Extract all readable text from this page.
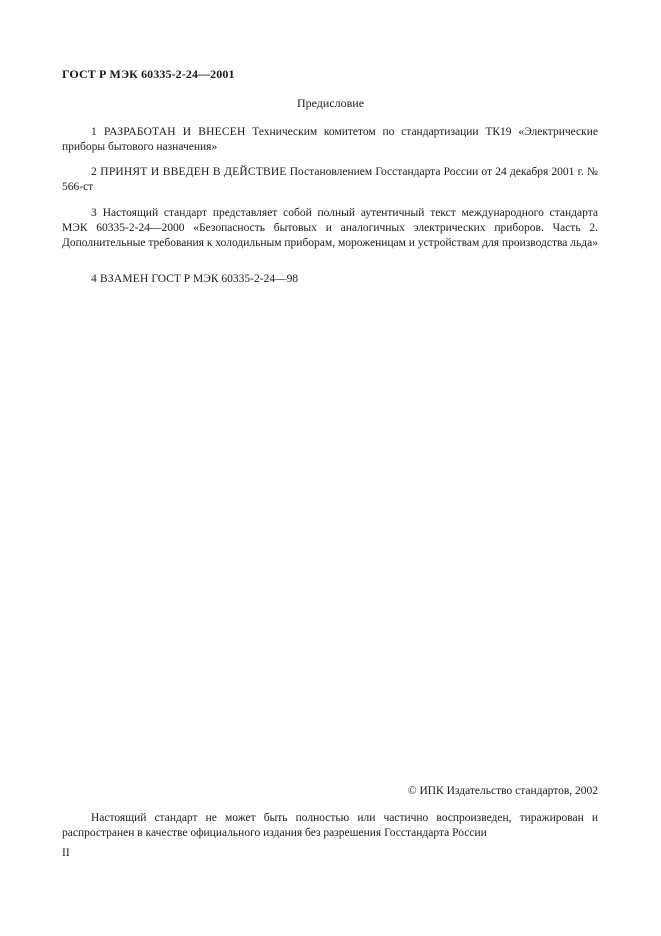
ГОСТ Р МЭК 60335-2-24—2001
Предисловие
1 РАЗРАБОТАН И ВНЕСЕН Техническим комитетом по стандартизации ТК19 «Электрические приборы бытового назначения»
2 ПРИНЯТ И ВВЕДЕН В ДЕЙСТВИЕ Постановлением Госстандарта России от 24 декабря 2001 г. № 566-ст
3 Настоящий стандарт представляет собой полный аутентичный текст международного стандарта МЭК 60335-2-24—2000 «Безопасность бытовых и аналогичных электрических приборов. Часть 2. Дополнительные требования к холодильным приборам, мороженицам и устройствам для производства льда»
4 ВЗАМЕН ГОСТ Р МЭК 60335-2-24—98
© ИПК Издательство стандартов, 2002
Настоящий стандарт не может быть полностью или частично воспроизведен, тиражирован и распространен в качестве официального издания без разрешения Госстандарта России
II
